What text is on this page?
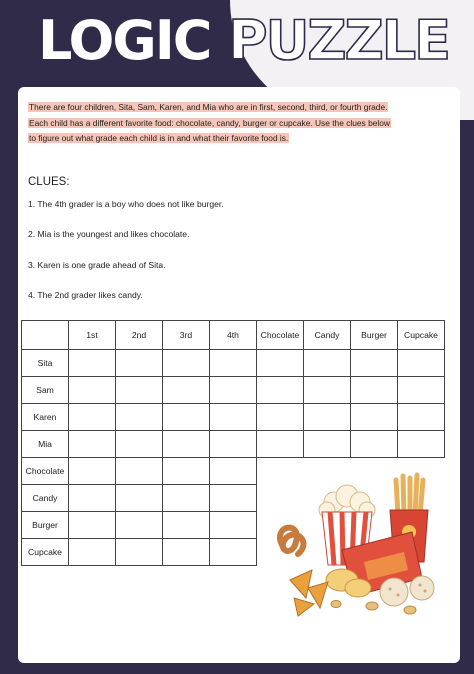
LOGIC PUZZLE
There are four children, Sita, Sam, Karen, and Mia who are in first, second, third, or fourth grade.
Each child has a different favorite food: chocolate, candy, burger or cupcake. Use the clues below
to figure out what grade each child is in and what their favorite food is.
CLUES:
1. The 4th grader is a boy who does not like burger.
2. Mia is the youngest and likes chocolate.
3. Karen is one grade ahead of Sita.
4. The 2nd grader likes candy.
	1st	2nd	3rd	4th	Chocolate	Candy	Burger	Cupcake
Sita								
Sam								
Karen								
Mia								
Chocolate								
Candy								
Burger								
Cupcake								
